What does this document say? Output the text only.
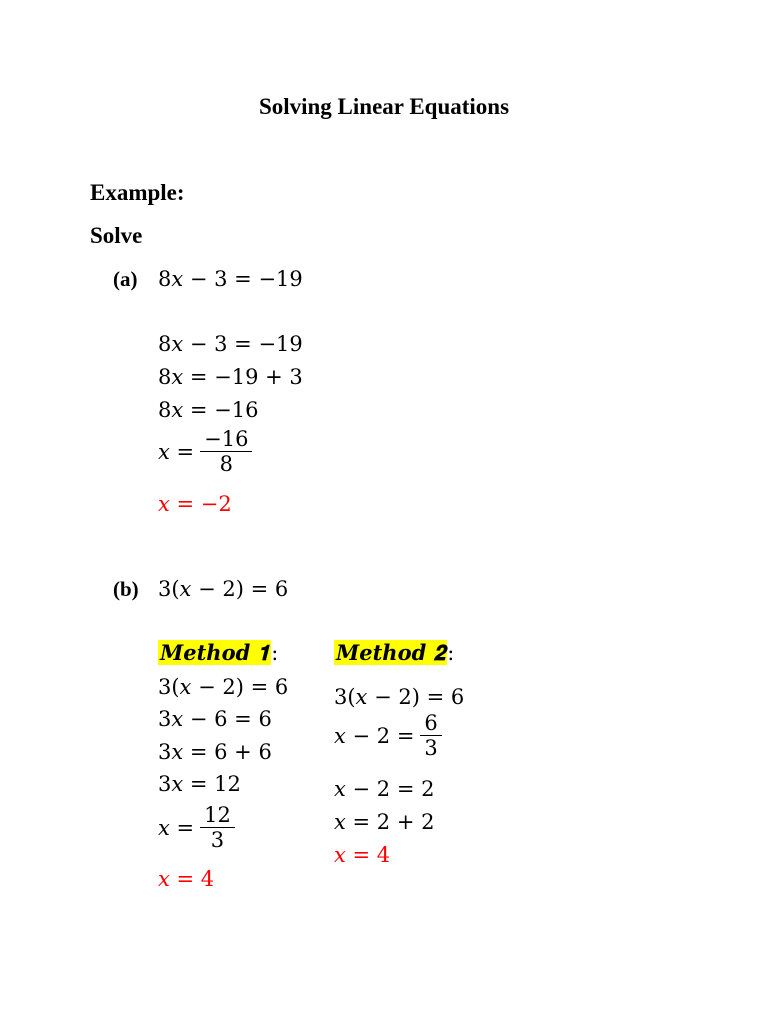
Solving Linear Equations
Example:
Solve
(a) 8𝑥 − 3 = −19
8𝑥 − 3 = −19
8𝑥 = −19 + 3
8𝑥 = −16
𝑥 = $\frac{-16}{8}$
𝑥 = −2
(b) 3(𝑥 − 2) = 6
𝑴𝒆𝒕𝒉𝒐𝒅 𝟏:
3(𝑥 − 2) = 6
3𝑥 − 6 = 6
3𝑥 = 6 + 6
3𝑥 = 12
𝑥 = $\frac{12}{3}$
𝑥 = 4
𝑴𝒆𝒕𝒉𝒐𝒅 𝟐:
3(𝑥 − 2) = 6
𝑥 − $2 = \frac{6}{3}$
𝑥 − 2 = 2
𝑥 = 2 + 2
𝑥 = 4
